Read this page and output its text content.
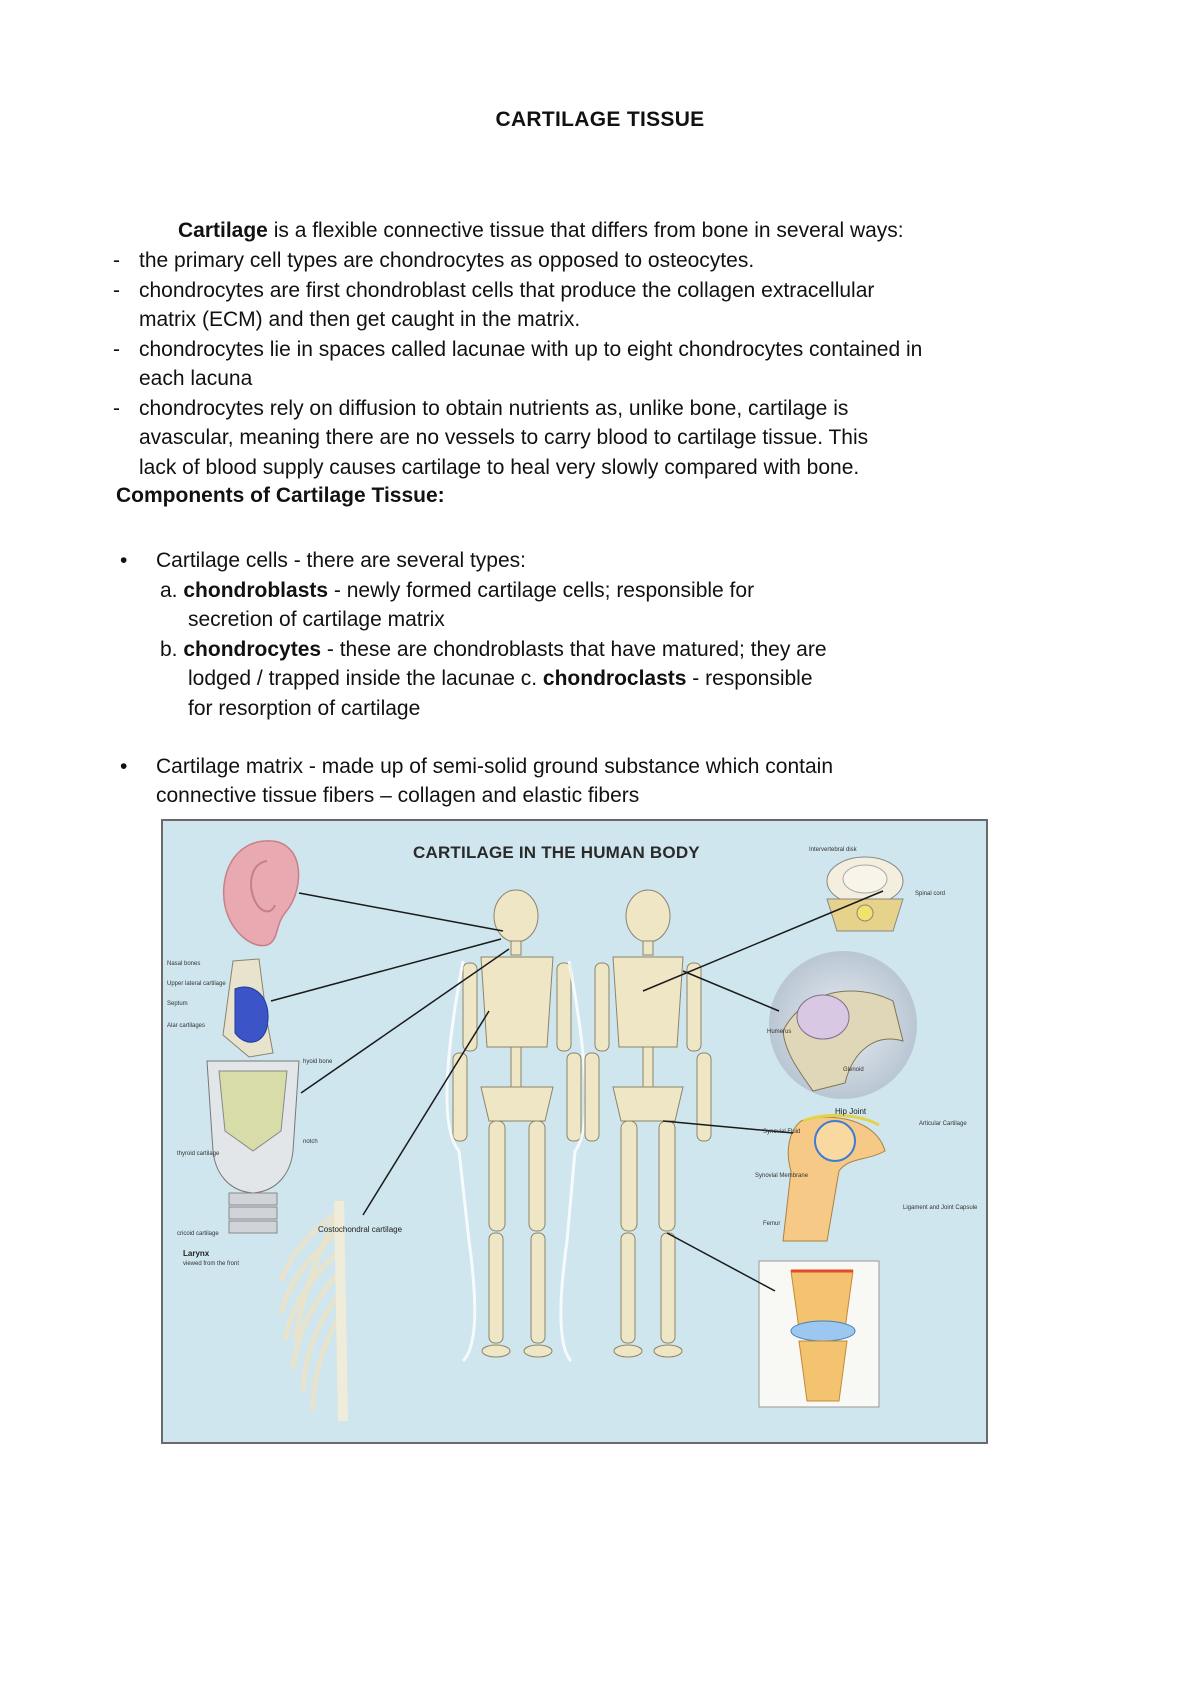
CARTILAGE TISSUE
Cartilage is a flexible connective tissue that differs from bone in several ways:
- the primary cell types are chondrocytes as opposed to osteocytes.
- chondrocytes are first chondroblast cells that produce the collagen extracellular
matrix (ECM) and then get caught in the matrix.
- chondrocytes lie in spaces called lacunae with up to eight chondrocytes contained in
each lacuna
- chondrocytes rely on diffusion to obtain nutrients as, unlike bone, cartilage is
avascular, meaning there are no vessels to carry blood to cartilage tissue. This
lack of blood supply causes cartilage to heal very slowly compared with bone.
Components of Cartilage Tissue:
• Cartilage cells - there are several types:
a. chondroblasts - newly formed cartilage cells; responsible for
secretion of cartilage matrix
b. chondrocytes - these are chondroblasts that have matured; they are
lodged / trapped inside the lacunae c. chondroclasts - responsible
for resorption of cartilage
• Cartilage matrix - made up of semi-solid ground substance which contain
connective tissue fibers – collagen and elastic fibers
CARTILAGE IN THE HUMAN BODY
Costochondral cartilage
Hip Joint
Larynx
viewed from the front
thyroid cartilage
cricoid cartilage
notch
hyoid bone
Nasal bones
Upper lateral cartilage
Septum
Alar cartilages
Intervertebral disk
Spinal cord
Synovial Fluid
Articular Cartilage
Ligament and Joint Capsule
Synovial Membrane
Femur
Humerus
Glenoid
